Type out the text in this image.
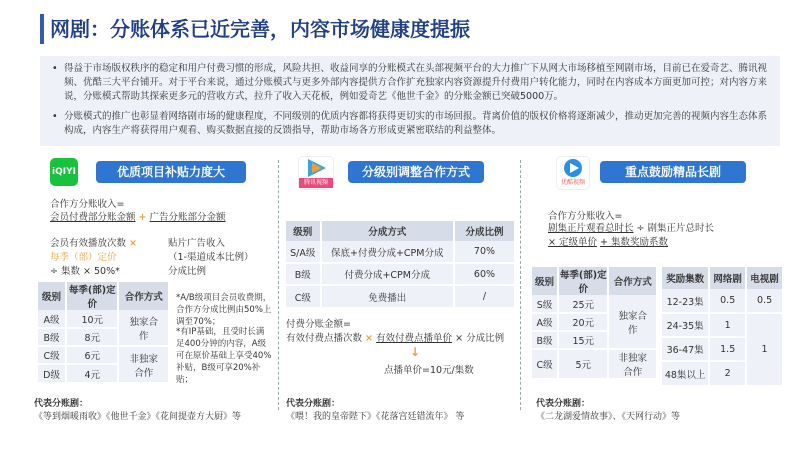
网剧：分账体系已近完善，内容市场健康度提振
• 得益于市场版权秩序的稳定和用户付费习惯的形成，风险共担、收益同享的分账模式在头部视频平台的大力推广下从网大市场移植至网剧市场，目前已在爱奇艺、腾讯视频、优酷三大平台铺开。对于平台来说，通过分账模式与更多外部内容提供方合作扩充独家内容资源提升付费用户转化能力，同时在内容成本方面更加可控；对内容方来说，分账模式帮助其探索更多元的营收方式，拉升了收入天花板，例如爱奇艺《他世千金》的分账金额已突破5000万。
• 分账模式的推广也彰显着网络剧市场的健康程度，不同级别的优质内容都将获得更切实的市场回报。背离价值的版权价格将逐渐减少，推动更加完善的视频内容生态体系构成，内容生产将获得用户观看、购买数据直接的反馈指导，帮助市场各方形成更紧密联结的利益整体。
iQIYI	优质项目补贴力度大
合作方分账收入=
会员付费部分账金额 + 广告分账部分金额
会员有效播放次数 ×
每季（部）定价
÷ 集数 × 50%*
贴片广告收入
（1-渠道成本比例）
分成比例
级别	每季(部)定价	合作方式
A级	10元	独家合作
B级	8元	
C级	6元	非独家合作
D级	4元	
*A/B级项目会员收费期，合作方分成比例由50%上调至70%；
*有IP基础，且受时长满足400分钟的内容，A级可在原价基础上享受40%补贴，B级可享20%补贴；
代表分账剧：
《等到烟暖雨收》《他世千金》《花间提壶方大厨》等
腾讯视频
分级别调整合作方式
级别	分成方式	分成比例
S/A级	保底+付费分成+CPM分成	70%
B级	付费分成+CPM分成	60%
C级	免费播出	/
付费分账金额=
有效付费点播次数 × 有效付费点播单价 × 分成比例
↓
点播单价=10元/集数
代表分账剧：
《喂！我的皇帝陛下》《花落宫廷错流年》 等
优酷视频
重点鼓励精品长剧
合作方分账收入=
剧集正片观看总时长 ÷ 剧集正片总时长
× 定级单价 + 集数奖励系数
级别	每季(部)定价	合作方式
S级	25元	独家合作
A级	20元	
B级	15元	
C级	5元	非独家合作
奖励集数	网络剧	电视剧
12-23集	0.5	0.5
24-35集	1	1
36-47集	1.5	
48集以上	2	
代表分账剧：
《二龙湖爱情故事》、《天网行动》等
